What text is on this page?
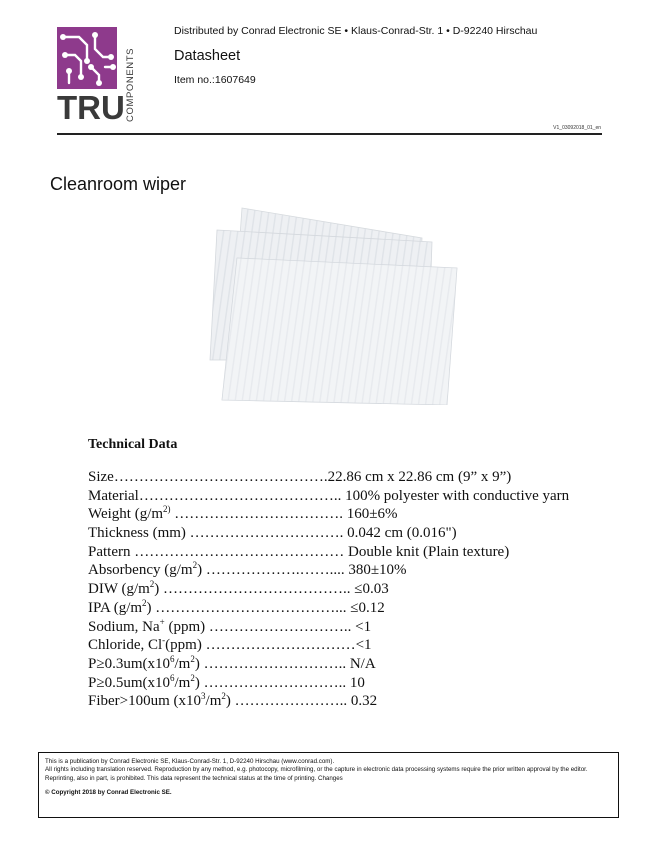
TRU COMPONENTS
Distributed by Conrad Electronic SE • Klaus-Conrad-Str. 1 • D-92240 Hirschau
Datasheet
Item no.:1607649
V1_03092018_01_en
Cleanroom wiper
Technical Data
Size…………………………………….22.86 cm x 22.86 cm (9” x 9”)
Material………………………………….. 100% polyester with conductive yarn
Weight ($g/m^{2)}$ ……………………………. 160±6%
Thickness (mm) …………………………. 0.042 cm (0.016")
Pattern …………………………………… Double knit (Plain texture)
Absorbency $(g/m^2)$ ……………….…….... 380±10%
DIW $(g/m^2)$ ……………………………….. ≤0.03
IPA $(g/m^2)$ ………………………………... ≤0.12
Sodium, Na+ (ppm) ……………………….. <1
Chloride, Cl-(ppm) …………………………<1
$P\ge 0.3um(x10^6/m^2)$ ……………………….. N/A
$P\ge 0.5um(x10^6/m^2)$ ……………………….. 10
Fiber>100um $(x10^3/m^2)$ ………………….. 0.32
This is a publication by Conrad Electronic SE, Klaus-Conrad-Str. 1, D-92240 Hirschau (www.conrad.com).
All rights including translation reserved. Reproduction by any method, e.g. photocopy, microfilming, or the capture in electronic data processing systems require the prior written approval by the editor. Reprinting, also in part, is prohibited. This data represent the technical status at the time of printing. Changes
© Copyright 2018 by Conrad Electronic SE.
